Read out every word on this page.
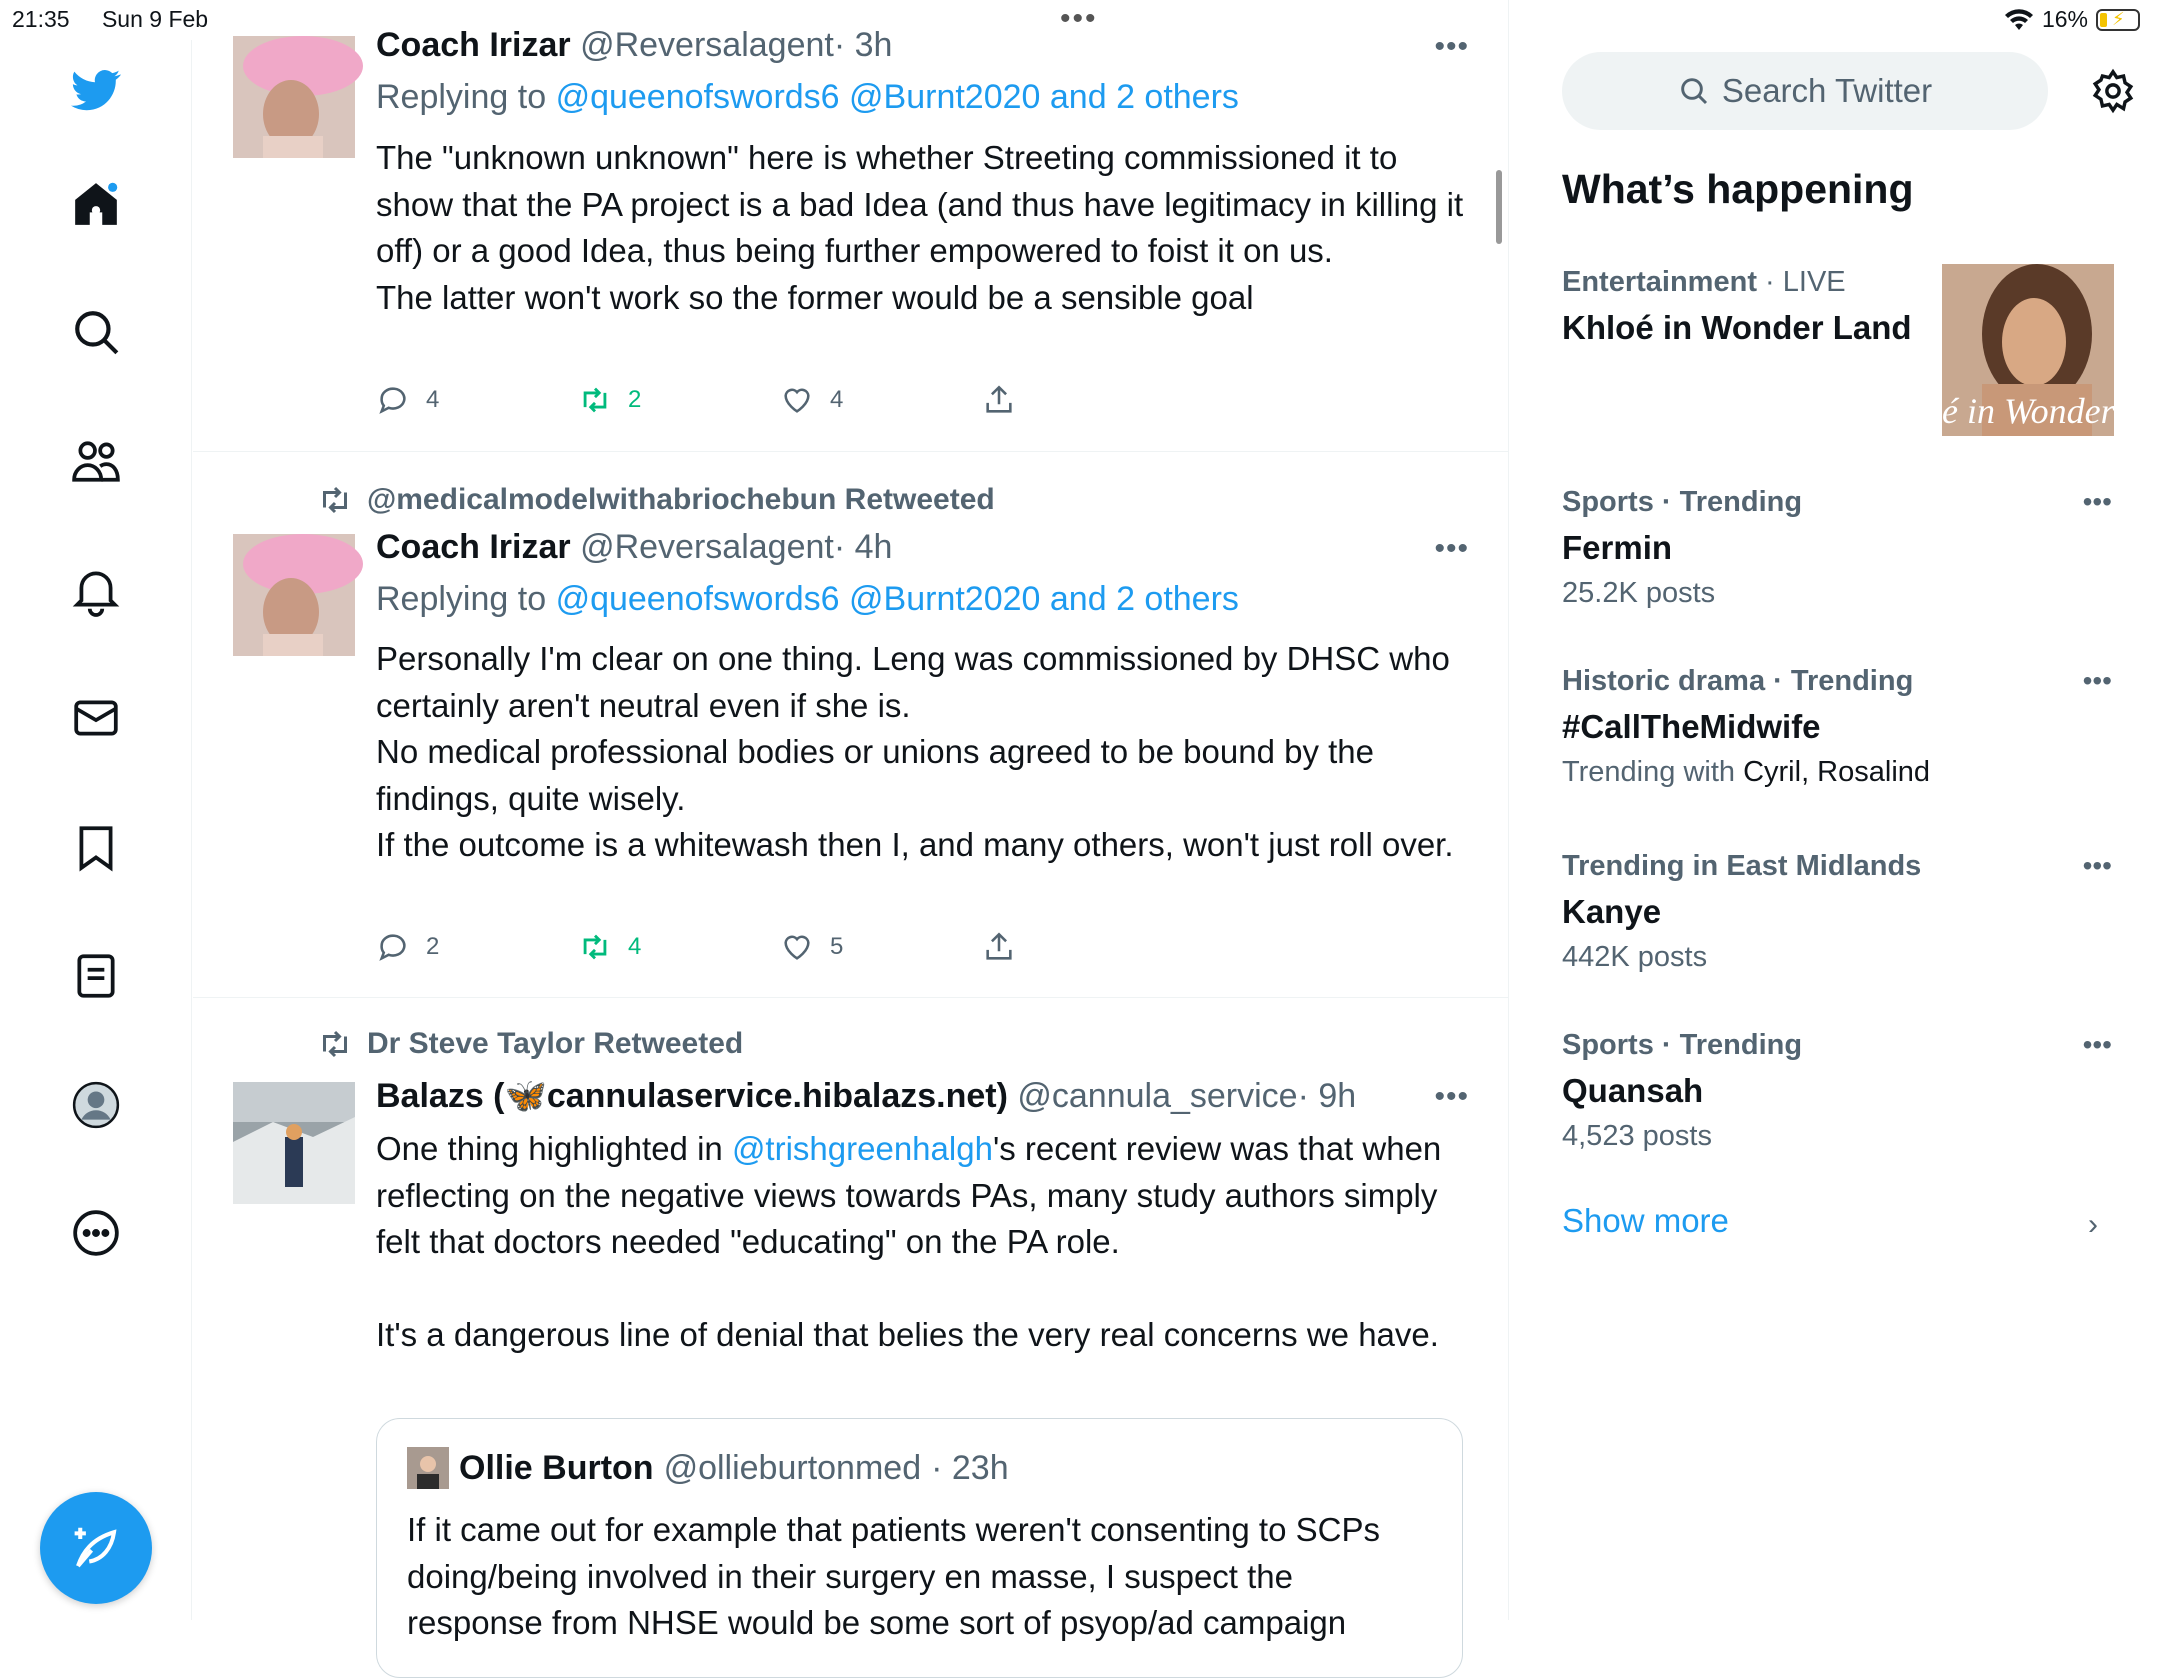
21:35 Sun 9 Feb	•••	16% ⚡
Coach Irizar @Reversalagent· 3h	•••
Replying to @queenofswords6 @Burnt2020 and 2 others
The "unknown unknown" here is whether Streeting commissioned it to show that the PA project is a bad Idea (and thus have legitimacy in killing it off) or a good Idea, thus being further empowered to foist it on us.
The latter won't work so the former would be a sensible goal
4	2	4
@medicalmodelwithabriochebun Retweeted
Coach Irizar @Reversalagent· 4h	•••
Replying to @queenofswords6 @Burnt2020 and 2 others
Personally I'm clear on one thing. Leng was commissioned by DHSC who certainly aren't neutral even if she is.
No medical professional bodies or unions agreed to be bound by the findings, quite wisely.
If the outcome is a whitewash then I, and many others, won't just roll over.
2	4	5
Dr Steve Taylor Retweeted
Balazs (🦋cannulaservice.hibalazs.net) @cannula_service· 9h	•••
One thing highlighted in @trishgreenhalgh's recent review was that when reflecting on the negative views towards PAs, many study authors simply felt that doctors needed "educating" on the PA role.
It's a dangerous line of denial that belies the very real concerns we have.
Ollie Burton @ollieburtonmed · 23h
If it came out for example that patients weren't consenting to SCPs doing/being involved in their surgery en masse, I suspect the response from NHSE would be some sort of psyop/ad campaign
Search Twitter
What’s happening
Entertainment · LIVE
Khloé in Wonder Land
é in Wonder L
Sports · Trending	•••
Fermin
25.2K posts
Historic drama · Trending	•••
#CallTheMidwife
Trending with Cyril, Rosalind
Trending in East Midlands	•••
Kanye
442K posts
Sports · Trending	•••
Quansah
4,523 posts
Show more	›
